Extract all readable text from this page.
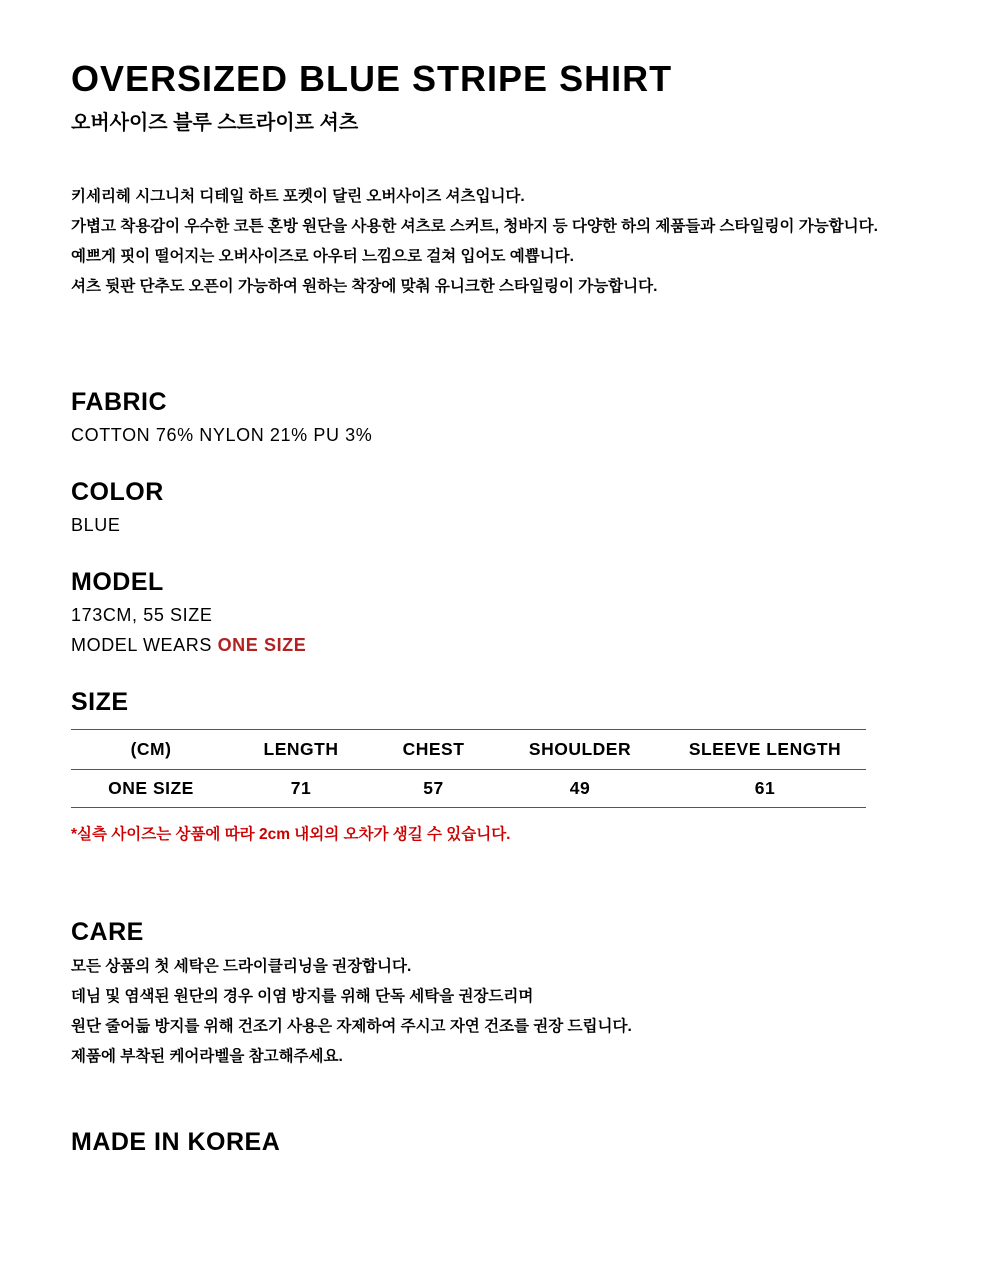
OVERSIZED BLUE STRIPE SHIRT
오버사이즈 블루 스트라이프 셔츠
키세리헤 시그니처 디테일 하트 포켓이 달린 오버사이즈 셔츠입니다.
가볍고 착용감이 우수한 코튼 혼방 원단을 사용한 셔츠로 스커트, 청바지 등 다양한 하의 제품들과 스타일링이 가능합니다.
예쁘게 핏이 떨어지는 오버사이즈로 아우터 느낌으로 걸쳐 입어도 예쁩니다.
셔츠 뒷판 단추도 오픈이 가능하여 원하는 착장에 맞춰 유니크한 스타일링이 가능합니다.
FABRIC
COTTON 76% NYLON 21% PU 3%
COLOR
BLUE
MODEL
173CM, 55 SIZE
MODEL WEARS ONE SIZE
SIZE
(CM)	LENGTH	CHEST	SHOULDER	SLEEVE LENGTH
ONE SIZE	71	57	49	61
*실측 사이즈는 상품에 따라 2cm 내외의 오차가 생길 수 있습니다.
CARE
모든 상품의 첫 세탁은 드라이클리닝을 권장합니다.
데님 및 염색된 원단의 경우 이염 방지를 위해 단독 세탁을 권장드리며
원단 줄어듦 방지를 위해 건조기 사용은 자제하여 주시고 자연 건조를 권장 드립니다.
제품에 부착된 케어라벨을 참고해주세요.
MADE IN KOREA
